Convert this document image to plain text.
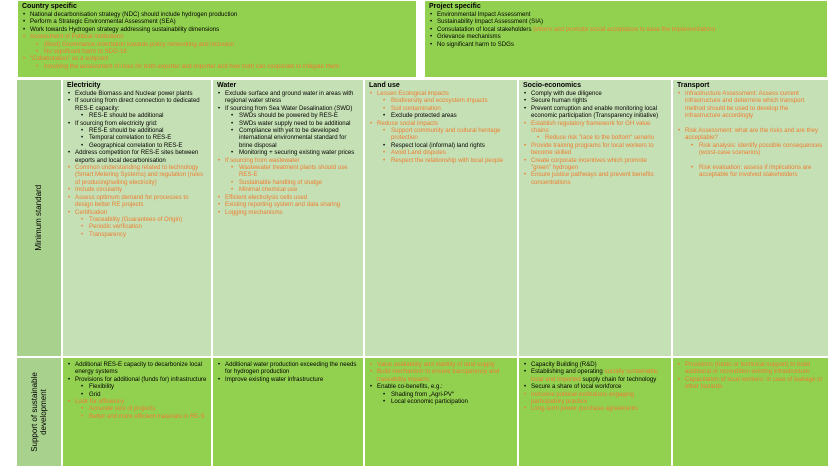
Country specific
• National decarbonisation strategy (NDC) should include hydrogen production
• Perform a Strategic Environmental Assessment (SEA)
• Work towards Hydrogen strategy addressing sustainability dimensions
• Assessment of Political institutions
• (Best) Governance orientation towards policy networking and inclusion
• No significant harm to SDG-16
• "Collaboration" as a subpoint
• Involving the assessment of risks for both exporter and importer and how both can cooperate to mitigate them
Project specific
• Environmental Impact Assessment
• Sustainability Impact Assessment (SIA)
• Consulatation of local stakeholders (inform and promote social acceptance to ease the implementation)
• Grievance mechanisms
• No significant harm to SDGs
Minimum standard
Support of sustainable development
Electricity
• Exclude Biomass and Nuclear power plants
• If sourcing from direct connection to dedicated RES-E capacity:
• RES-E should be additional
• If sourcing from electricity grid:
• RES-E should be additional
• Temporal correlation to RES-E
• Geographical correlation to RES-E
• Address competition for RES-E sites between exports and local decarbonisation
• Common understanding related to technology (Smart Metering Systems) and regulation (rules of producing/selling electricity)
• Include circularity
• Assess optimum demand for processes to design better RE projects
• Certification
• Traceability (Guarantees of Origin)
• Periodic verification
• Transparency
Water
• Exclude surface and ground water in areas with regional water stress
• If sourcing from Sea Water Desalination (SWD)
• SWDs should be powered by RES-E
• SWDs water supply need to be additional
• Compliance with yet to be developed international environmental standard for brine disposal
• Monitoring + securing existing water prices
• If sourcing from wastewater
• Wastewater treatment plants should use RES-E
• Sustainable handling of sludge
• Minimal chemical use
• Efficient electrolysis cells used
• Existing reporting system and data sharing
• Logging mechanisms
Land use
• Lessen Ecological impacts
• Biodiversity and ecosystem impacts
• Soil contamination
• Exclude protected areas
• Reduce social impacts
• Support community and cultural heritage protection
• Respect local (informal) land rights
• Avoid Land disputes
• Respect the relationship with local people
Socio-economics
• Comply with due diligence
• Secure human rights
• Prevent corruption and enable monitoring local economic participation (Transparency initiative)
• Establish regulatory framework for GH value chains
• Reduce risk "race to the bottom" senerio
• Provide training programs for local workers to become skilled
• Create corporate incentives which promote "green" hydrogen
• Ensure justice pathways and prevent benefits concentrations
Transport
• Infrastructure Assessment: Assess current infrastructure and determine which transport method should be used to develop the infrastructure accordingly

• Risk Assessment: what are the risks and are they acceptable?
• Risk analysis: identify possible consequences (worst-case scenarios)

• Risk evaluation: assess if implications are acceptable for involved stakeholders
• Additional RES-E capacity to decarbonize local energy systems
• Provisions for additional (funds for) infrastructure
• Flexibility
• Grid
• Look for efficiency
• Accurate size of projects
• Better and more efficient materials in RE-S
• Additional water production exceeding the needs for hydrogen production
• Improve existing water infrastructure
• Value availability and viability of land supply
• Build mechanism to ensure transparency and traceability impacts
• Enable co-benefits, e.g.:
• Shading from „Agri-PV“
• Local economic participation
• Capacity Building (R&D)
• Establishing and operating socially sustainable, local and imported supply chain for technology
• Secure a share of local workforce
• Inclusive political institutions engaging participatory practice
• Long-term power purchase agreements
• Provisions (funds or technical support) to build additional or recondition existing infrastructure
• Capacitation of local workers: in case of leakage or other hazards
